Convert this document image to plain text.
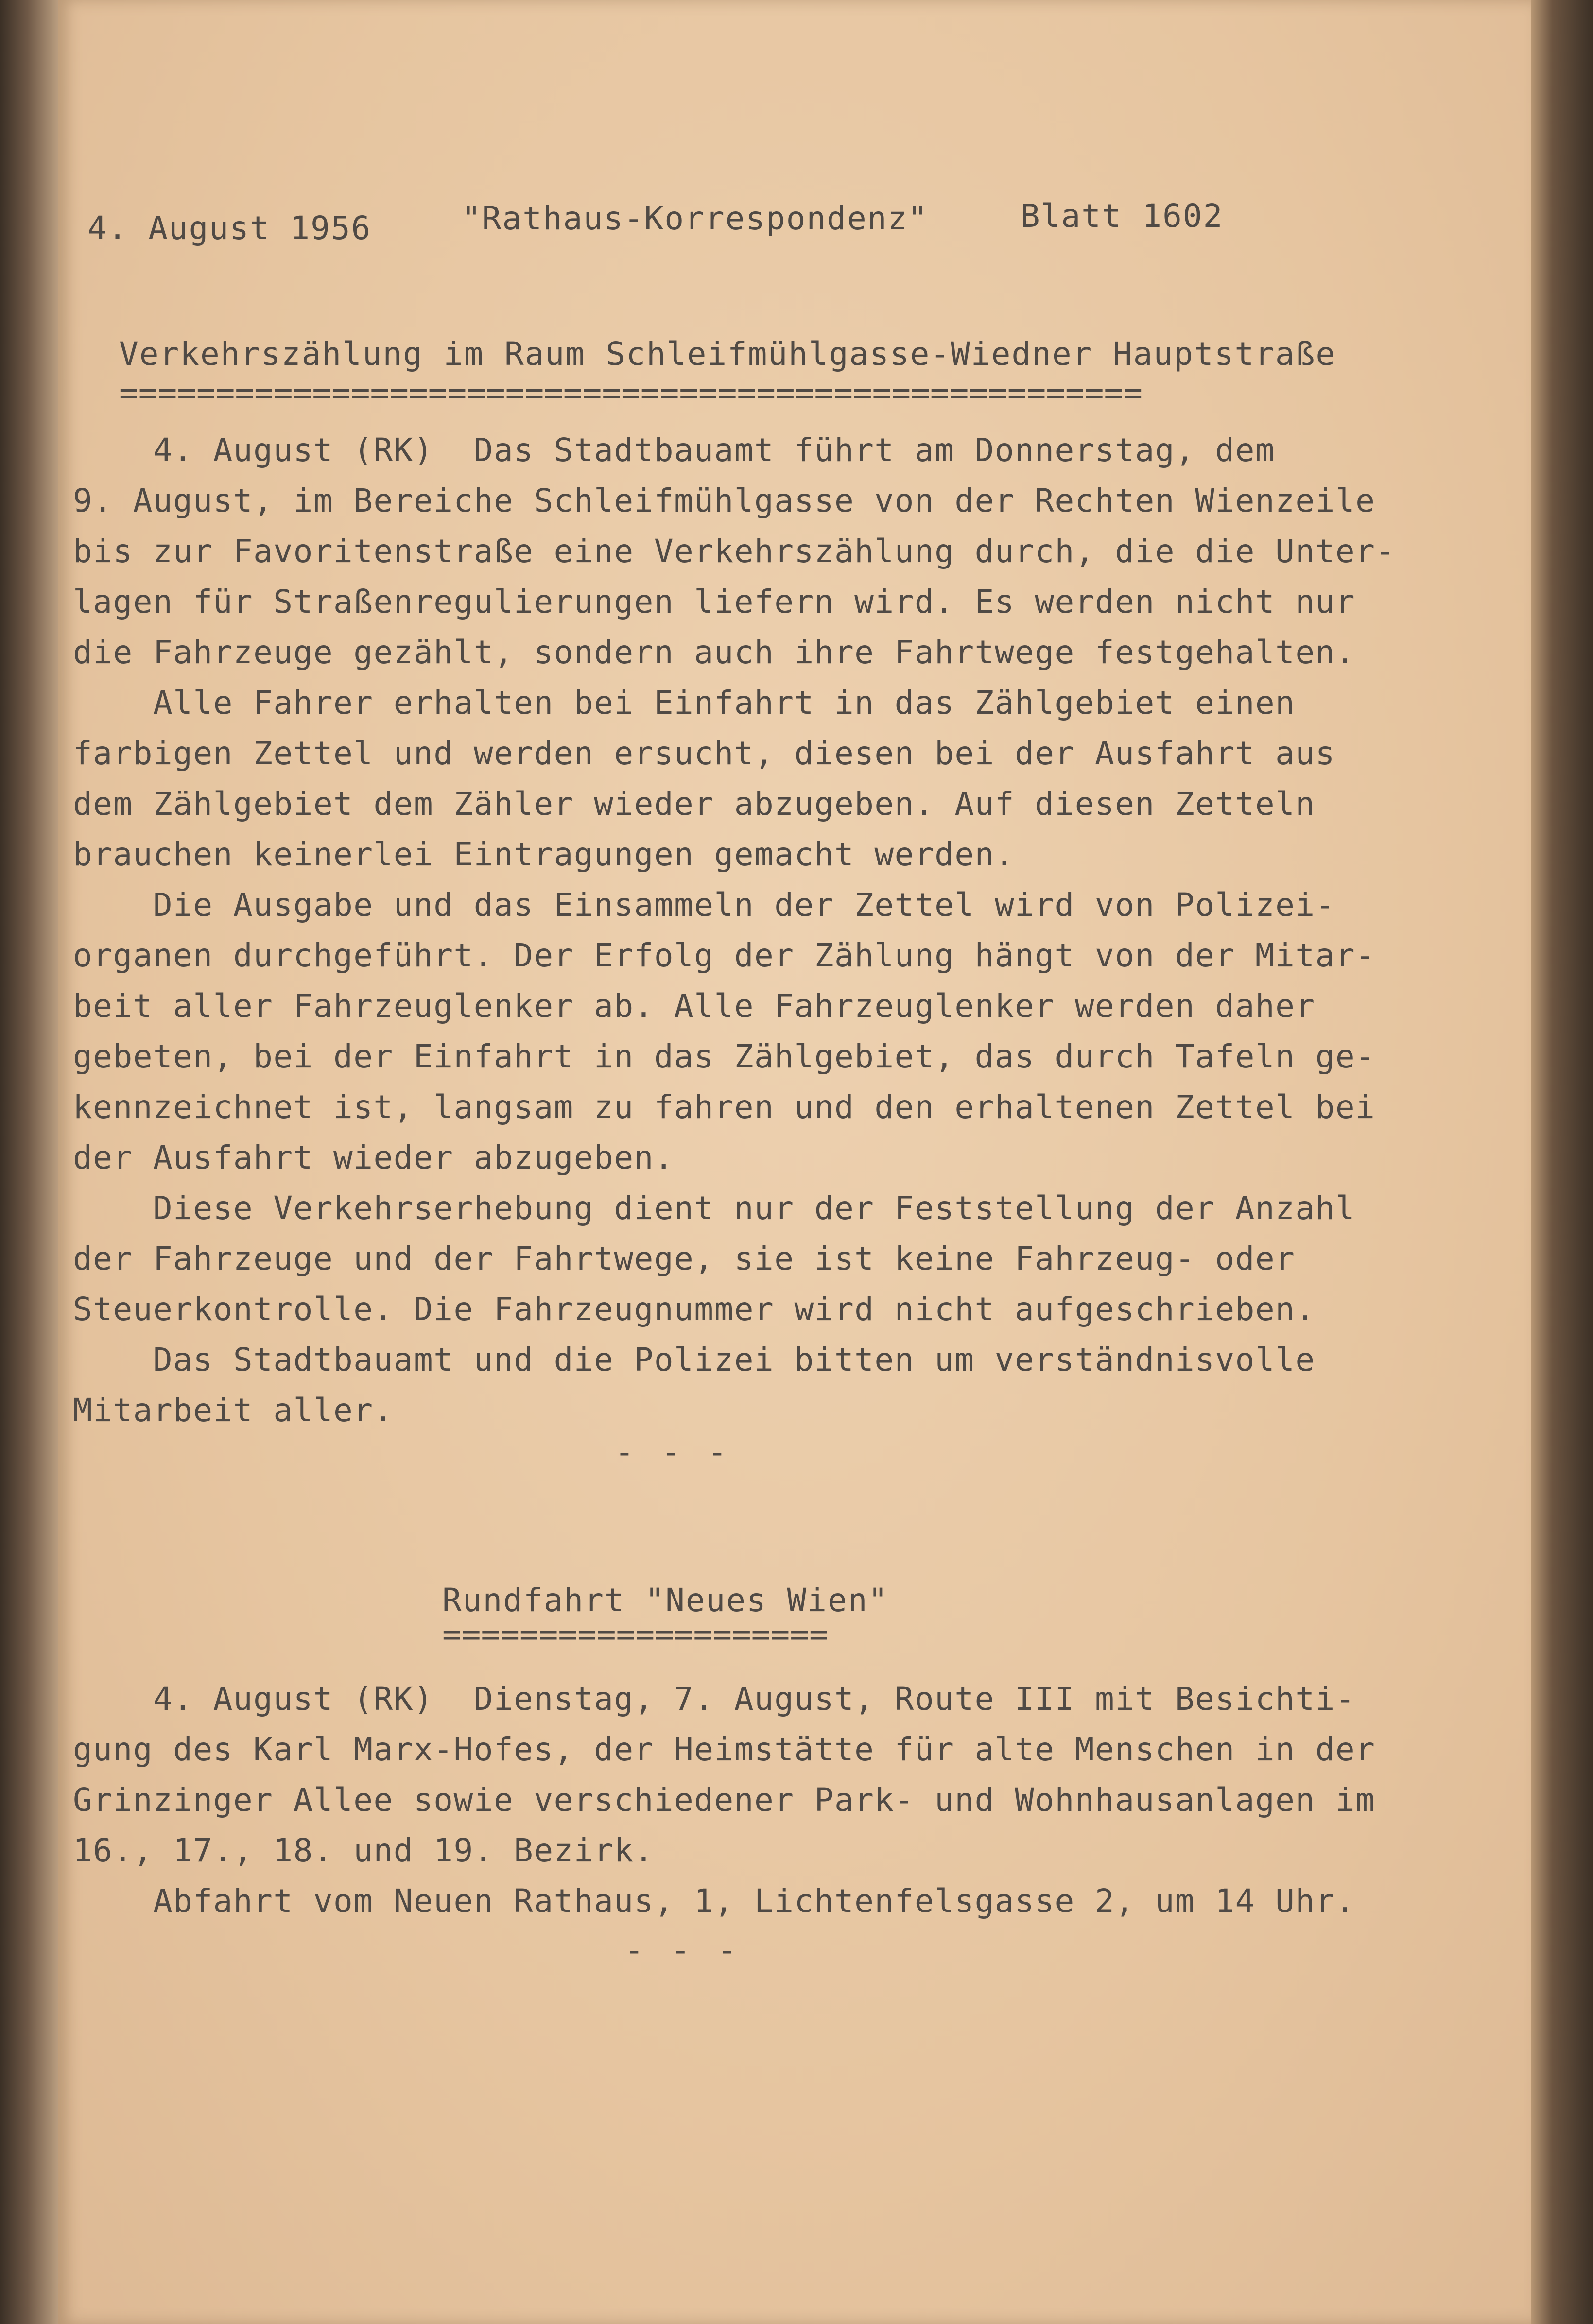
4. August 1956	"Rathaus-Korrespondenz"	Blatt 1602
Verkehrszählung im Raum Schleifmühlgasse-Wiedner Hauptstraße
=====================================================

4. August (RK)  Das Stadtbauamt führt am Donnerstag, dem

9. August, im Bereiche Schleifmühlgasse von der Rechten Wienzeile

bis zur Favoritenstraße eine Verkehrszählung durch, die die Unter-

lagen für Straßenregulierungen liefern wird. Es werden nicht nur

die Fahrzeuge gezählt, sondern auch ihre Fahrtwege festgehalten.

Alle Fahrer erhalten bei Einfahrt in das Zählgebiet einen

farbigen Zettel und werden ersucht, diesen bei der Ausfahrt aus

dem Zählgebiet dem Zähler wieder abzugeben. Auf diesen Zetteln

brauchen keinerlei Eintragungen gemacht werden.

Die Ausgabe und das Einsammeln der Zettel wird von Polizei-

organen durchgeführt. Der Erfolg der Zählung hängt von der Mitar-

beit aller Fahrzeuglenker ab. Alle Fahrzeuglenker werden daher

gebeten, bei der Einfahrt in das Zählgebiet, das durch Tafeln ge-

kennzeichnet ist, langsam zu fahren und den erhaltenen Zettel bei

der Ausfahrt wieder abzugeben.

Diese Verkehrserhebung dient nur der Feststellung der Anzahl

der Fahrzeuge und der Fahrtwege, sie ist keine Fahrzeug- oder

Steuerkontrolle. Die Fahrzeugnummer wird nicht aufgeschrieben.

Das Stadtbauamt und die Polizei bitten um verständnisvolle

Mitarbeit aller.

- - -
Rundfahrt "Neues Wien"
====================

4. August (RK)  Dienstag, 7. August, Route III mit Besichti-

gung des Karl Marx-Hofes, der Heimstätte für alte Menschen in der

Grinzinger Allee sowie verschiedener Park- und Wohnhausanlagen im

16., 17., 18. und 19. Bezirk.

Abfahrt vom Neuen Rathaus, 1, Lichtenfelsgasse 2, um 14 Uhr.

- - -
